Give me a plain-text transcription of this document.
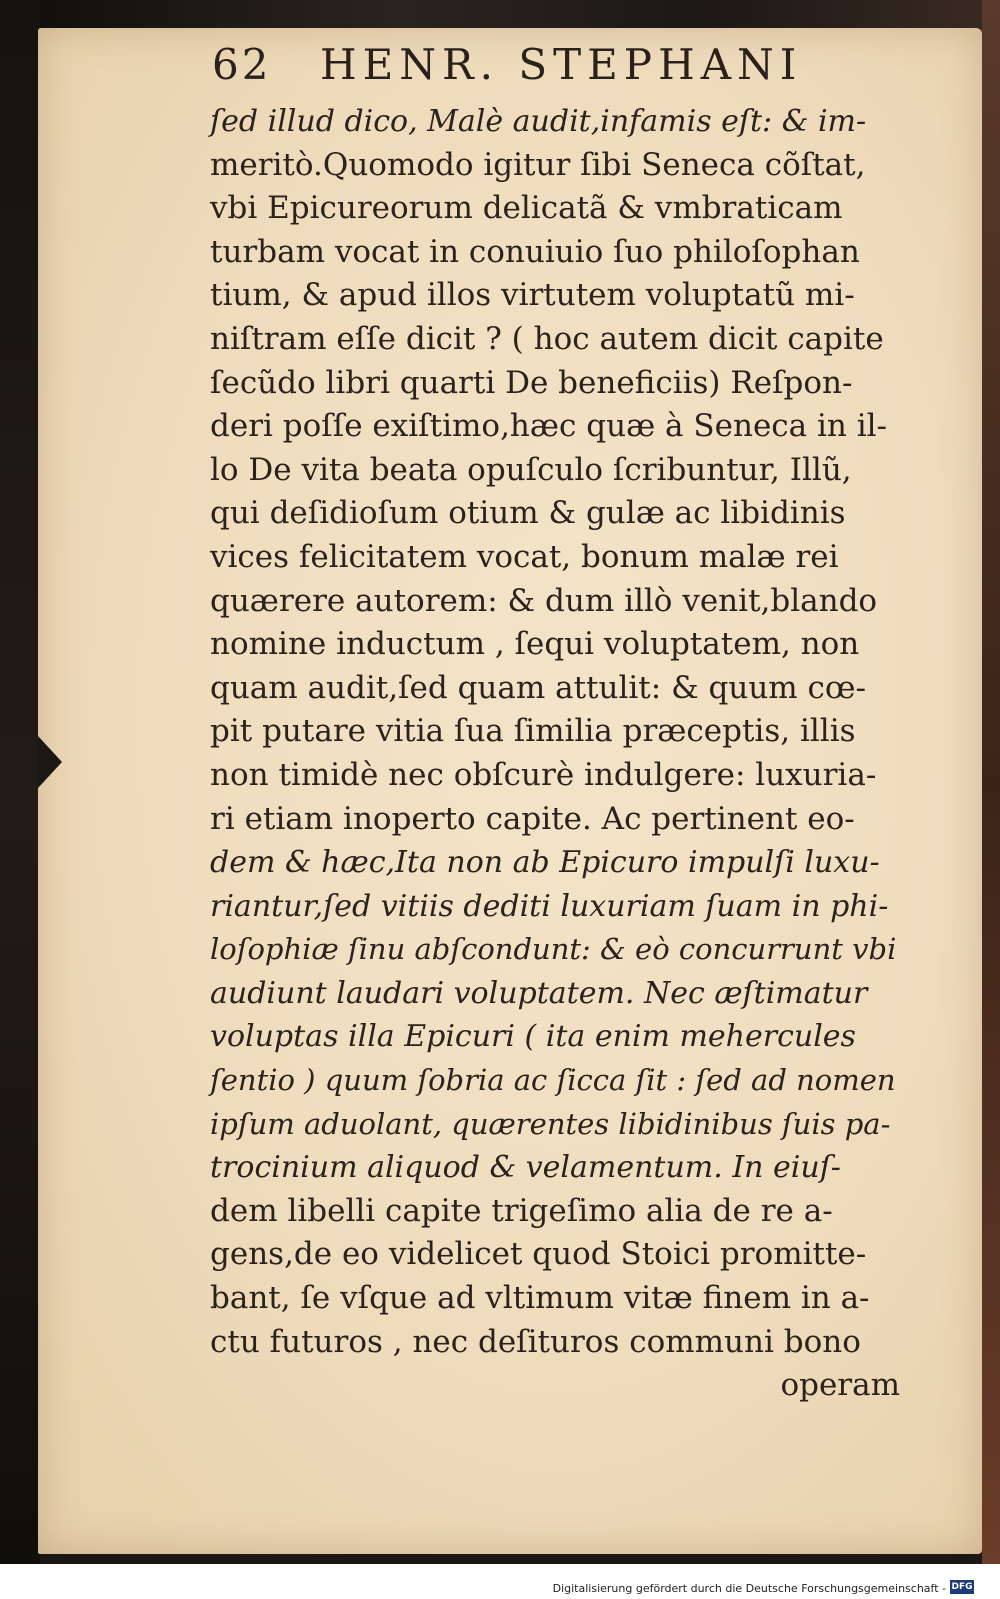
62 HENR. STEPHANI
ſed illud dico, Malè audit,infamis eſt: & im-
meritò.Quomodo igitur ſibi Seneca cõſtat,
vbi Epicureorum delicatã & vmbraticam
turbam vocat in conuiuio ſuo philoſophan
tium, & apud illos virtutem voluptatũ mi-
niſtram eſſe dicit ? ( hoc autem dicit capite
ſecũdo libri quarti De beneficiis) Reſpon-
deri poſſe exiſtimo,hæc quæ à Seneca in il-
lo De vita beata opuſculo ſcribuntur, Illũ,
qui deſidioſum otium & gulæ ac libidinis
vices felicitatem vocat, bonum malæ rei
quærere autorem: & dum illò venit,blando
nomine inductum , ſequi voluptatem, non
quam audit,ſed quam attulit: & quum cœ-
pit putare vitia ſua ſimilia præceptis, illis
non timidè nec obſcurè indulgere: luxuria-
ri etiam inoperto capite. Ac pertinent eo-
dem & hæc,Ita non ab Epicuro impulſi luxu-
riantur,ſed vitiis dediti luxuriam ſuam in phi-
loſophiæ ſinu abſcondunt: & eò concurrunt vbi
audiunt laudari voluptatem. Nec æſtimatur
voluptas illa Epicuri ( ita enim mehercules
ſentio ) quum ſobria ac ſicca ſit : ſed ad nomen
ipſum aduolant, quærentes libidinibus ſuis pa-
trocinium aliquod & velamentum. In eiuſ-
dem libelli capite trigeſimo alia de re a-
gens,de eo videlicet quod Stoici promitte-
bant, ſe vſque ad vltimum vitæ finem in a-
ctu futuros , nec deſituros communi bono
operam
Digitalisierung gefördert durch die Deutsche Forschungsgemeinschaft - DFG
